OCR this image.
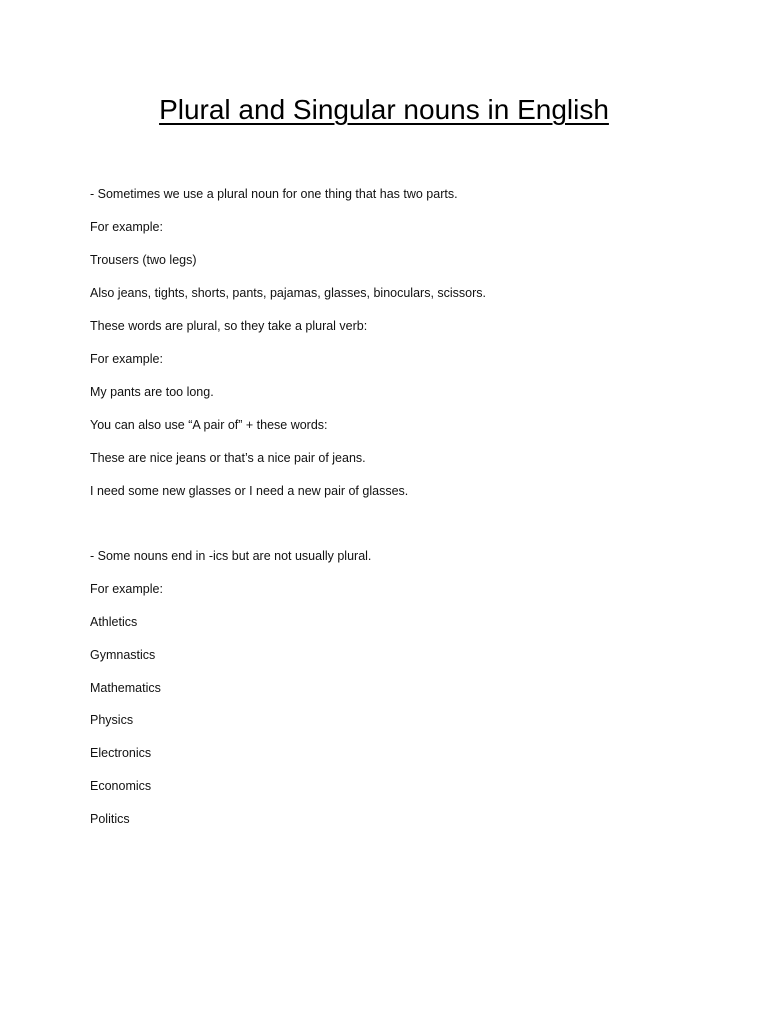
Plural and Singular nouns in English
- Sometimes we use a plural noun for one thing that has two parts.
For example:
Trousers (two legs)
Also jeans, tights, shorts, pants, pajamas, glasses, binoculars, scissors.
These words are plural, so they take a plural verb:
For example:
My pants are too long.
You can also use “A pair of” + these words:
These are nice jeans or that’s a nice pair of jeans.
I need some new glasses or I need a new pair of glasses.
- Some nouns end in -ics but are not usually plural.
For example:
Athletics
Gymnastics
Mathematics
Physics
Electronics
Economics
Politics
